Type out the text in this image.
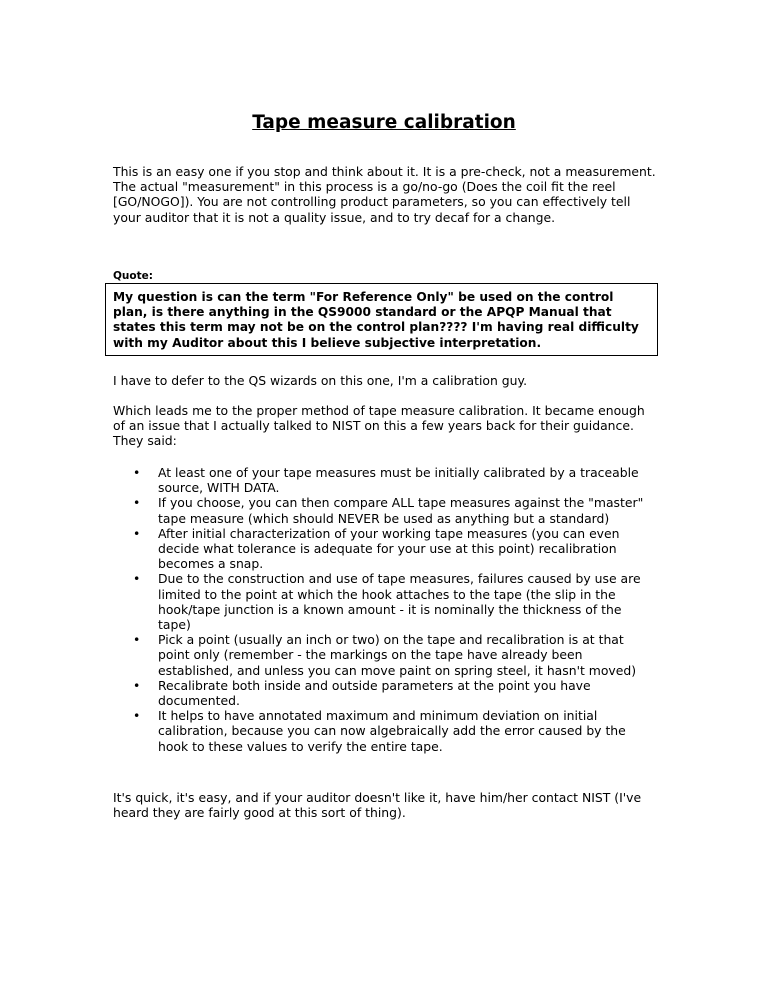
Tape measure calibration
This is an easy one if you stop and think about it. It is a pre-check, not a measurement. The actual "measurement" in this process is a go/no-go (Does the coil fit the reel [GO/NOGO]). You are not controlling product parameters, so you can effectively tell your auditor that it is not a quality issue, and to try decaf for a change.
Quote:
My question is can the term "For Reference Only" be used on the control plan, is there anything in the QS9000 standard or the APQP Manual that states this term may not be on the control plan???? I'm having real difficulty with my Auditor about this I believe subjective interpretation.
I have to defer to the QS wizards on this one, I'm a calibration guy.
Which leads me to the proper method of tape measure calibration. It became enough of an issue that I actually talked to NIST on this a few years back for their guidance. They said:
• At least one of your tape measures must be initially calibrated by a traceable source, WITH DATA.
• If you choose, you can then compare ALL tape measures against the "master" tape measure (which should NEVER be used as anything but a standard)
• After initial characterization of your working tape measures (you can even decide what tolerance is adequate for your use at this point) recalibration becomes a snap.
• Due to the construction and use of tape measures, failures caused by use are limited to the point at which the hook attaches to the tape (the slip in the hook/tape junction is a known amount - it is nominally the thickness of the tape)
• Pick a point (usually an inch or two) on the tape and recalibration is at that point only (remember - the markings on the tape have already been established, and unless you can move paint on spring steel, it hasn't moved)
• Recalibrate both inside and outside parameters at the point you have documented.
• It helps to have annotated maximum and minimum deviation on initial calibration, because you can now algebraically add the error caused by the hook to these values to verify the entire tape.
It's quick, it's easy, and if your auditor doesn't like it, have him/her contact NIST (I've heard they are fairly good at this sort of thing).
